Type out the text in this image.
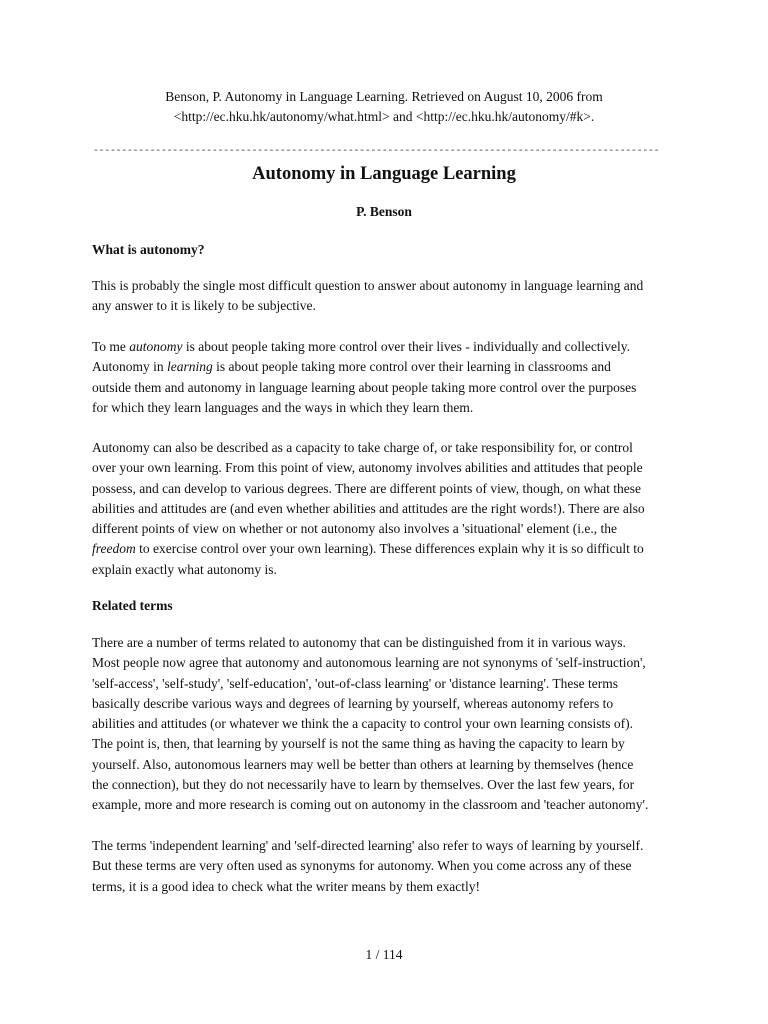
Benson, P. Autonomy in Language Learning. Retrieved on August 10, 2006 from
<http://ec.hku.hk/autonomy/what.html> and <http://ec.hku.hk/autonomy/#k>.
----------------------------------------------------------------------------------------------------
Autonomy in Language Learning
P. Benson
What is autonomy?

This is probably the single most difficult question to answer about autonomy in language learning and
any answer to it is likely to be subjective.

To me autonomy is about people taking more control over their lives - individually and collectively.
Autonomy in learning is about people taking more control over their learning in classrooms and
outside them and autonomy in language learning about people taking more control over the purposes
for which they learn languages and the ways in which they learn them.

Autonomy can also be described as a capacity to take charge of, or take responsibility for, or control
over your own learning. From this point of view, autonomy involves abilities and attitudes that people
possess, and can develop to various degrees. There are different points of view, though, on what these
abilities and attitudes are (and even whether abilities and attitudes are the right words!). There are also
different points of view on whether or not autonomy also involves a 'situational' element (i.e., the
freedom to exercise control over your own learning). These differences explain why it is so difficult to
explain exactly what autonomy is.

Related terms

There are a number of terms related to autonomy that can be distinguished from it in various ways.
Most people now agree that autonomy and autonomous learning are not synonyms of 'self-instruction',
'self-access', 'self-study', 'self-education', 'out-of-class learning' or 'distance learning'. These terms
basically describe various ways and degrees of learning by yourself, whereas autonomy refers to
abilities and attitudes (or whatever we think the a capacity to control your own learning consists of).
The point is, then, that learning by yourself is not the same thing as having the capacity to learn by
yourself. Also, autonomous learners may well be better than others at learning by themselves (hence
the connection), but they do not necessarily have to learn by themselves. Over the last few years, for
example, more and more research is coming out on autonomy in the classroom and 'teacher autonomy'.

The terms 'independent learning' and 'self-directed learning' also refer to ways of learning by yourself.
But these terms are very often used as synonyms for autonomy. When you come across any of these
terms, it is a good idea to check what the writer means by them exactly!

1 / 114
